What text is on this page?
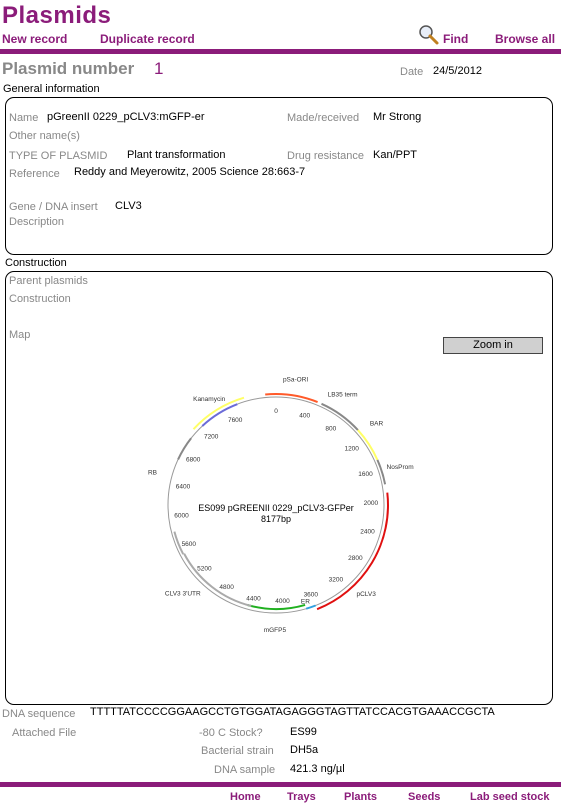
Plasmids
New record	Duplicate record	Find Browse all
Plasmid number 1	Date 24/5/2012
General information
Name pGreenII 0229_pCLV3:mGFP-er	Made/received Mr Strong
Other name(s)
TYPE OF PLASMID Plant transformation	Drug resistance Kan/PPT
Reference Reddy and Meyerowitz, 2005 Science 28:663-7
Gene / DNA insert CLV3
Description
Construction
Parent plasmids
Construction
Map
Zoom in
0
400
800
1200
1600
2000
2400
2800
3200
3600
4000
4400
4800
5200
5600
6000
6400
6800
7200
7600
pSa-ORI
LB35 term
BAR
NosProm
pCLV3
ER
mGFP5
CLV3 3'UTR
RB
Kanamycin
ES099 pGREENII 0229_pCLV3-GFPer
8177bp
DNA sequence TTTTTATCCCCGGAAGCCTGTGGATAGAGGGTAGTTATCCACGTGAAACCGCTA
Attached File	-80 C Stock? ES99
Bacterial strain DH5a
DNA sample 421.3 ng/µl
Home Trays	Plants	Seeds	Lab seed stock
